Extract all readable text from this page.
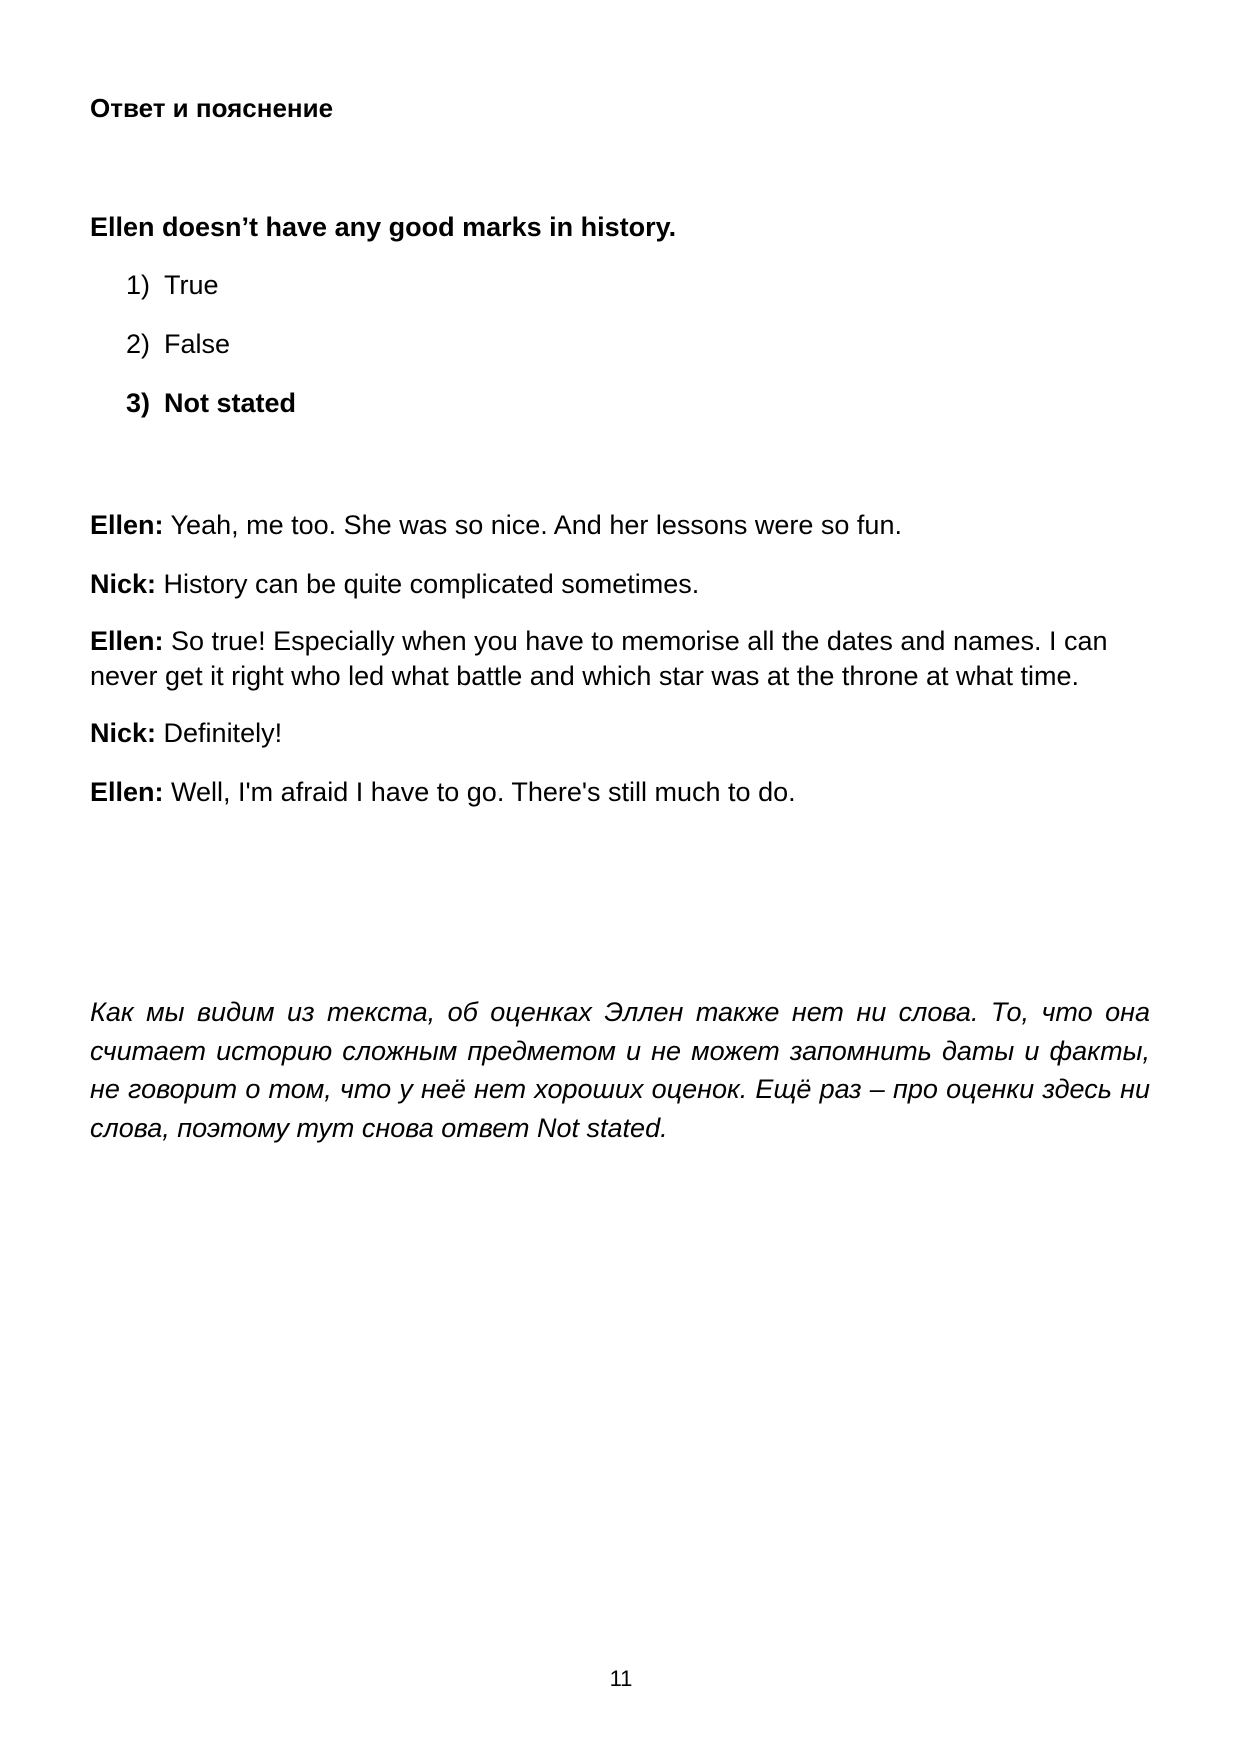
Ответ и пояснение

Ellen doesn’t have any good marks in history.

1) True
2) False
3) Not stated

Ellen: Yeah, me too. She was so nice. And her lessons were so fun.

Nick: History can be quite complicated sometimes.

Ellen: So true! Especially when you have to memorise all the dates and names. I can never get it right who led what battle and which star was at the throne at what time.

Nick: Definitely!

Ellen: Well, I'm afraid I have to go. There's still much to do.

Как мы видим из текста, об оценках Эллен также нет ни слова. То, что она считает историю сложным предметом и не может запомнить даты и факты, не говорит о том, что у неё нет хороших оценок. Ещё раз – про оценки здесь ни слова, поэтому тут снова ответ Not stated.

11
